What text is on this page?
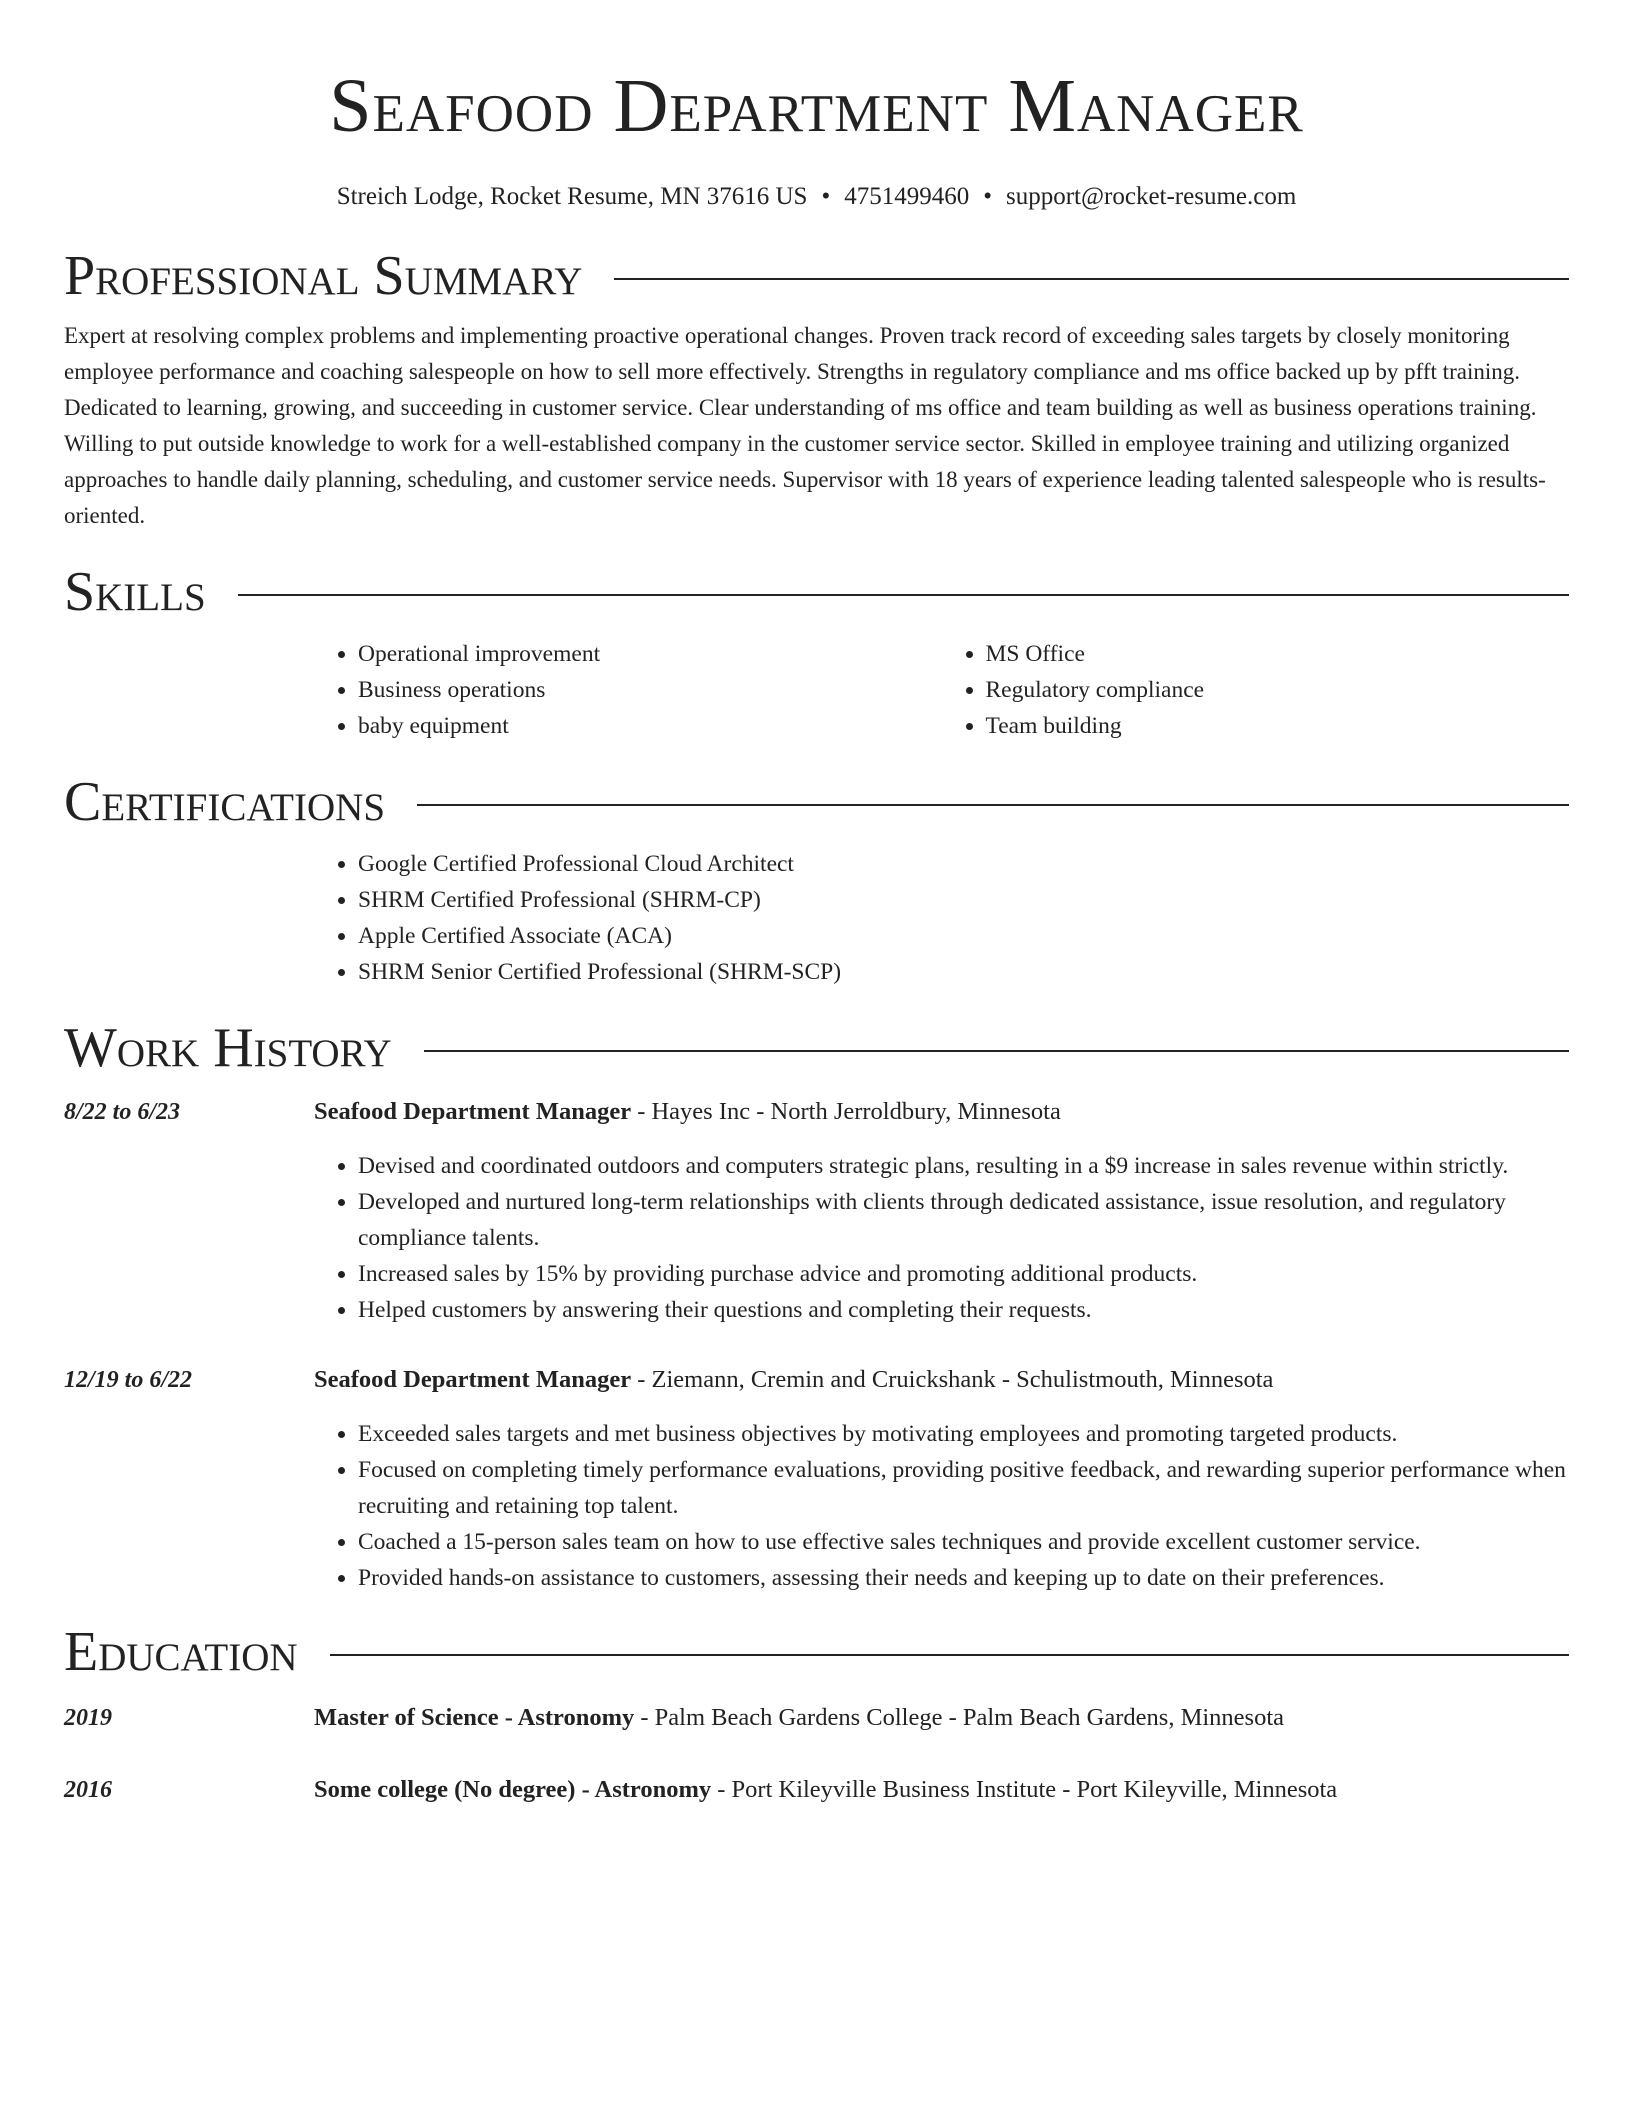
Seafood Department Manager
Streich Lodge, Rocket Resume, MN 37616 US • 4751499460 • support@rocket-resume.com
Professional Summary

Expert at resolving complex problems and implementing proactive operational changes. Proven track record of exceeding sales targets by closely monitoring employee performance and coaching salespeople on how to sell more effectively. Strengths in regulatory compliance and ms office backed up by pfft training. Dedicated to learning, growing, and succeeding in customer service. Clear understanding of ms office and team building as well as business operations training. Willing to put outside knowledge to work for a well-established company in the customer service sector. Skilled in employee training and utilizing organized approaches to handle daily planning, scheduling, and customer service needs. Supervisor with 18 years of experience leading talented salespeople who is results-oriented.

Skills
• Operational improvement
• Business operations
• baby equipment
• MS Office
• Regulatory compliance
• Team building
Certifications
• Google Certified Professional Cloud Architect
• SHRM Certified Professional (SHRM-CP)
• Apple Certified Associate (ACA)
• SHRM Senior Certified Professional (SHRM-SCP)
Work History
8/22 to 6/23	Seafood Department Manager - Hayes Inc - North Jerroldbury, Minnesota
• Devised and coordinated outdoors and computers strategic plans, resulting in a $9 increase in sales revenue within strictly.
• Developed and nurtured long-term relationships with clients through dedicated assistance, issue resolution, and regulatory compliance talents.
• Increased sales by 15% by providing purchase advice and promoting additional products.
• Helped customers by answering their questions and completing their requests.
12/19 to 6/22	Seafood Department Manager - Ziemann, Cremin and Cruickshank - Schulistmouth, Minnesota
• Exceeded sales targets and met business objectives by motivating employees and promoting targeted products.
• Focused on completing timely performance evaluations, providing positive feedback, and rewarding superior performance when recruiting and retaining top talent.
• Coached a 15-person sales team on how to use effective sales techniques and provide excellent customer service.
• Provided hands-on assistance to customers, assessing their needs and keeping up to date on their preferences.
Education
2019	Master of Science - Astronomy - Palm Beach Gardens College - Palm Beach Gardens, Minnesota
2016	Some college (No degree) - Astronomy - Port Kileyville Business Institute - Port Kileyville, Minnesota
